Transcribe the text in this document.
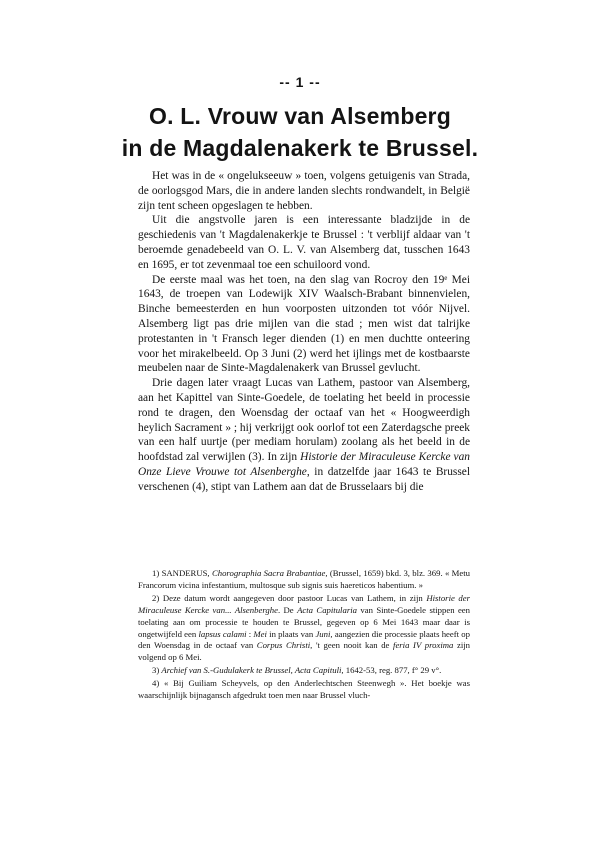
-- 1 --
O. L. Vrouw van Alsemberg
in de Magdalenakerk te Brussel.

Het was in de « ongelukseeuw » toen, volgens getuigenis van Strada, de oorlogsgod Mars, die in andere landen slechts rondwandelt, in België zijn tent scheen opgeslagen te hebben.

Uit die angstvolle jaren is een interessante bladzijde in de geschiedenis van 't Magdalenakerkje te Brussel : 't verblijf aldaar van 't beroemde genadebeeld van O. L. V. van Alsemberg dat, tusschen 1643 en 1695, er tot zevenmaal toe een schuiloord vond.

De eerste maal was het toen, na den slag van Rocroy den 19ᵉ Mei 1643, de troepen van Lodewijk XIV Waalsch-Brabant binnenvielen, Binche bemeesterden en hun voorposten uitzonden tot vóór Nijvel. Alsemberg ligt pas drie mijlen van die stad ; men wist dat talrijke protestanten in 't Fransch leger dienden (1) en men duchtte onteering voor het mirakelbeeld. Op 3 Juni (2) werd het ijlings met de kostbaarste meubelen naar de Sinte-Magdalenakerk van Brussel gevlucht.

Drie dagen later vraagt Lucas van Lathem, pastoor van Alsemberg, aan het Kapittel van Sinte-Goedele, de toelating het beeld in processie rond te dragen, den Woensdag der octaaf van het « Hoogweerdigh heylich Sacrament » ; hij verkrijgt ook oorlof tot een Zaterdagsche preek van een half uurtje (per mediam horulam) zoolang als het beeld in de hoofdstad zal verwijlen (3). In zijn Historie der Miraculeuse Kercke van Onze Lieve Vrouwe tot Alsenberghe, in datzelfde jaar 1643 te Brussel verschenen (4), stipt van Lathem aan dat de Brusselaars bij die

1) SANDERUS, Chorographia Sacra Brabantiae, (Brussel, 1659) bkd. 3, blz. 369. « Metu Francorum vicina infestantium, multosque sub signis suis haereticos habentium. »

2) Deze datum wordt aangegeven door pastoor Lucas van Lathem, in zijn Historie der Miraculeuse Kercke van... Alsenberghe. De Acta Capitularia van Sinte-Goedele stippen een toelating aan om processie te houden te Brussel, gegeven op 6 Mei 1643 maar daar is ongetwijfeld een lapsus calami : Mei in plaats van Juni, aangezien die processie plaats heeft op den Woensdag in de octaaf van Corpus Christi, 't geen nooit kan de feria IV proxima zijn volgend op 6 Mei.

3) Archief van S.-Gudulakerk te Brussel, Acta Capituli, 1642-53, reg. 877, f° 29 v°.

4) « Bij Guiliam Scheyvels, op den Anderlechtschen Steenwegh ». Het boekje was waarschijnlijk bijnagansch afgedrukt toen men naar Brussel vluch-
